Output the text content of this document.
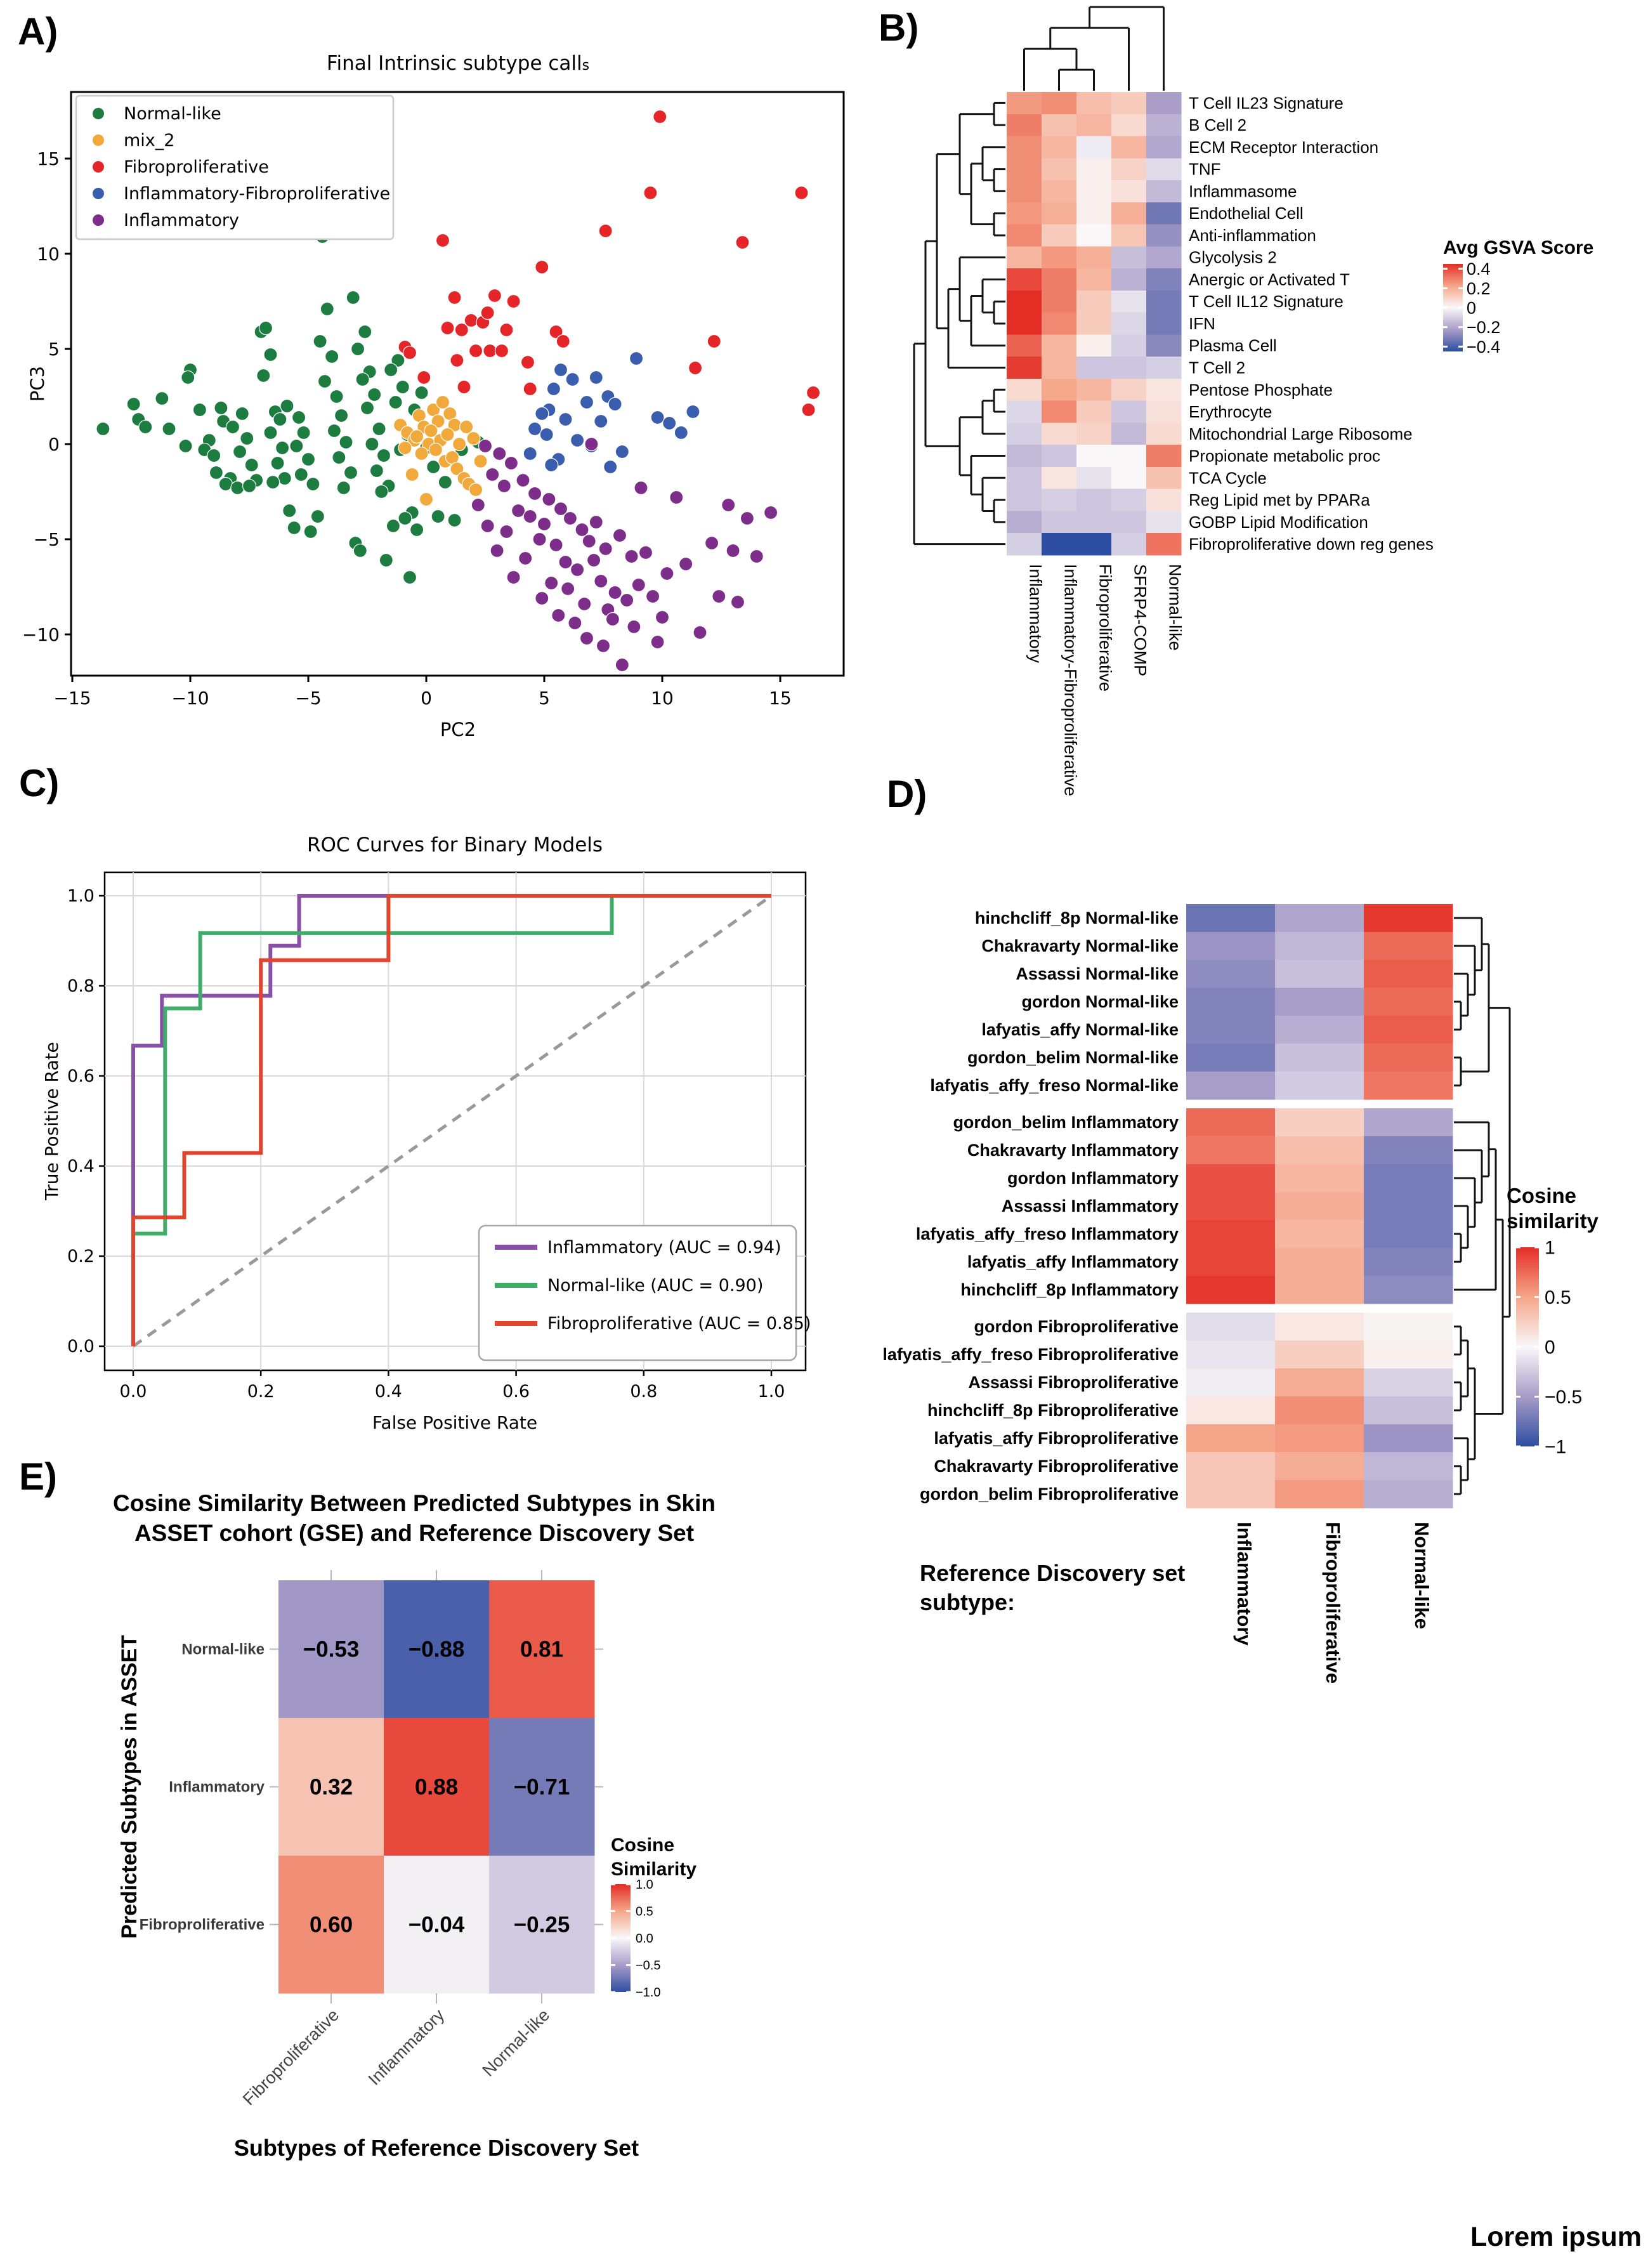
A)	B)
C)	D)
E)
Final Intrinsic subtype calls
−15	−10	−5	0	5	10	15
−10
−5
0
5
10
15
PC2
PC3
Normal-like
mix_2
Fibroproliferative
Inflammatory-Fibroproliferative
Inflammatory
T Cell IL23 Signature
B Cell 2
ECM Receptor Interaction
TNF
Inflammasome
Endothelial Cell
Anti-inflammation
Glycolysis 2
Anergic or Activated T
T Cell IL12 Signature
IFN
Plasma Cell
T Cell 2
Pentose Phosphate
Erythrocyte
Mitochondrial Large Ribosome
Propionate metabolic proc
TCA Cycle
Reg Lipid met by PPARa
GOBP Lipid Modification
Fibroproliferative down reg genes
Inflammatory Inflammatory-Fibroproliferative Fibroproliferative SFRP4-COMP Normal-like
Avg GSVA Score
0.4
0.2
0
−0.2
−0.4
ROC Curves for Binary Models
0.0	0.2	0.4	0.6	0.8	1.0
0.0
0.2
0.4
0.6
0.8
1.0
False Positive Rate
True Positive Rate
Inflammatory (AUC = 0.94)
Normal-like (AUC = 0.90)
Fibroproliferative (AUC = 0.85)
hinchcliff_8p Normal-like
Chakravarty Normal-like
Assassi Normal-like
gordon Normal-like
lafyatis_affy Normal-like
gordon_belim Normal-like
lafyatis_affy_freso Normal-like
gordon_belim Inflammatory
Chakravarty Inflammatory
gordon Inflammatory
Assassi Inflammatory
lafyatis_affy_freso Inflammatory
lafyatis_affy Inflammatory
hinchcliff_8p Inflammatory
gordon Fibroproliferative
lafyatis_affy_freso Fibroproliferative
Assassi Fibroproliferative
hinchcliff_8p Fibroproliferative
lafyatis_affy Fibroproliferative
Chakravarty Fibroproliferative
gordon_belim Fibroproliferative
Inflammatory	Fibroproliferative	Normal-like
Cosine
similarity
1
0.5
0
−0.5
−1
Reference Discovery set
subtype:
Cosine Similarity Between Predicted Subtypes in Skin
ASSET cohort (GSE) and Reference Discovery Set
−0.53 −0.88	0.81
0.32	0.88	−0.71
0.60	−0.04 −0.25
Normal-like
Inflammatory
Fibroproliferative
Fibroproliferative Inflammatory Normal-like
Subtypes of Reference Discovery Set
Predicted Subtypes in ASSET	Cosine
Similarity
1.0
0.5
0.0
−0.5
−1.0
Lorem ipsum
